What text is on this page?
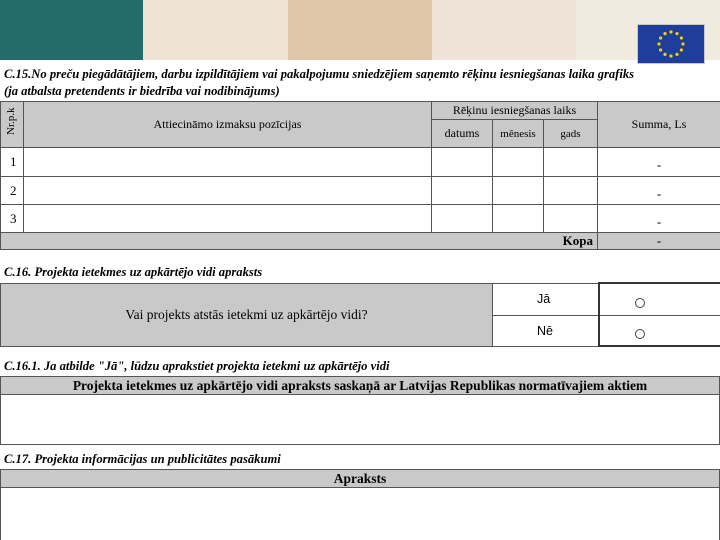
C.15.No preču piegādātājiem, darbu izpildītājiem vai pakalpojumu sniedzējiem saņemto rēķinu iesniegšanas laika grafiks
(ja atbalsta pretendents ir biedrība vai nodibinājums)
Nr.p.k	Attiecināmo izmaksu pozīcijas	Rēķinu iesniegšanas laiks			Summa, Ls
		datums	mēnesis	gads	
1					-
2					-
3					-
Kopa					-
C.16. Projekta ietekmes uz apkārtējo vidi apraksts
Vai projekts atstās ietekmi uz apkārtējo vidi?	Jā	

	Nē	
C.16.1. Ja atbilde "Jā", lūdzu aprakstiet projekta ietekmi uz apkārtējo vidi
Projekta ietekmes uz apkārtējo vidi apraksts saskaņā ar Latvijas Republikas normatīvajiem aktiem

C.17. Projekta informācijas un publicitātes pasākumi
Apraksts
